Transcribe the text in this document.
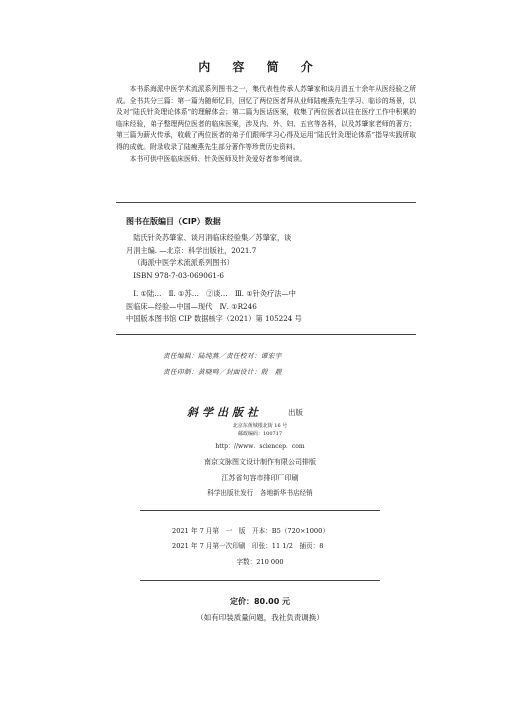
内 容 简 介

本书系海派中医学术流派系列图书之一，集代表性传承人苏肇家和谈月涓五十余年从医经验之所成。全书共分三篇：第一篇为随师忆旧，回忆了两位医者拜从业师陆瘦燕先生学习、临诊的场景，以及对“陆氏针灸理论体系”的理解体会；第二篇为医话医案，收集了两位医者以往在医疗工作中积累的临床经验，弟子整理两位医者的临床医案，涉及内、外、妇、五官等各科，以及苏肇家老师的著方；第三篇为薪火传承，收载了两位医者的弟子们跟师学习心得及运用“陆氏针灸理论体系”指导实践所取得的成就。附录收录了陆瘦燕先生部分著作等珍贵历史资料。

本书可供中医临床医师、针灸医师及针灸爱好者参考阅读。

图书在版编目（CIP）数据
陆氏针灸苏肇家、谈月涓临床经验集／苏肇家，谈
月涓主编. —北京：科学出版社，2021.7
（海派中医学术流派系列图书）
ISBN 978-7-03-069061-6
Ⅰ. ①陆…　Ⅱ. ①苏…　②谈…　Ⅲ. ①针灸疗法—中
医临床—经验—中国—现代　Ⅳ. ①R246
中国版本图书馆 CIP 数据核字（2021）第 105224 号
责任编辑：陆纯燕／责任校对：谭宏宇
责任印制：黄晓鸣／封面设计：殷　靓
斜学出版社	出版
北京东黄城根北街 16 号
邮政编码：100717
http：//www．sciencep．com
南京文脉图文设计制作有限公司排版
江苏省句容市排印厂印刷
科学出版社发行　各地新华书店经销
2021 年 7 月第　一　版　开本：B5（720×1000）
2021 年 7 月第一次印刷　印张：11 1/2　插页：8
字数：210 000
定价：80.00 元
（如有印装质量问题，我社负责调换）
